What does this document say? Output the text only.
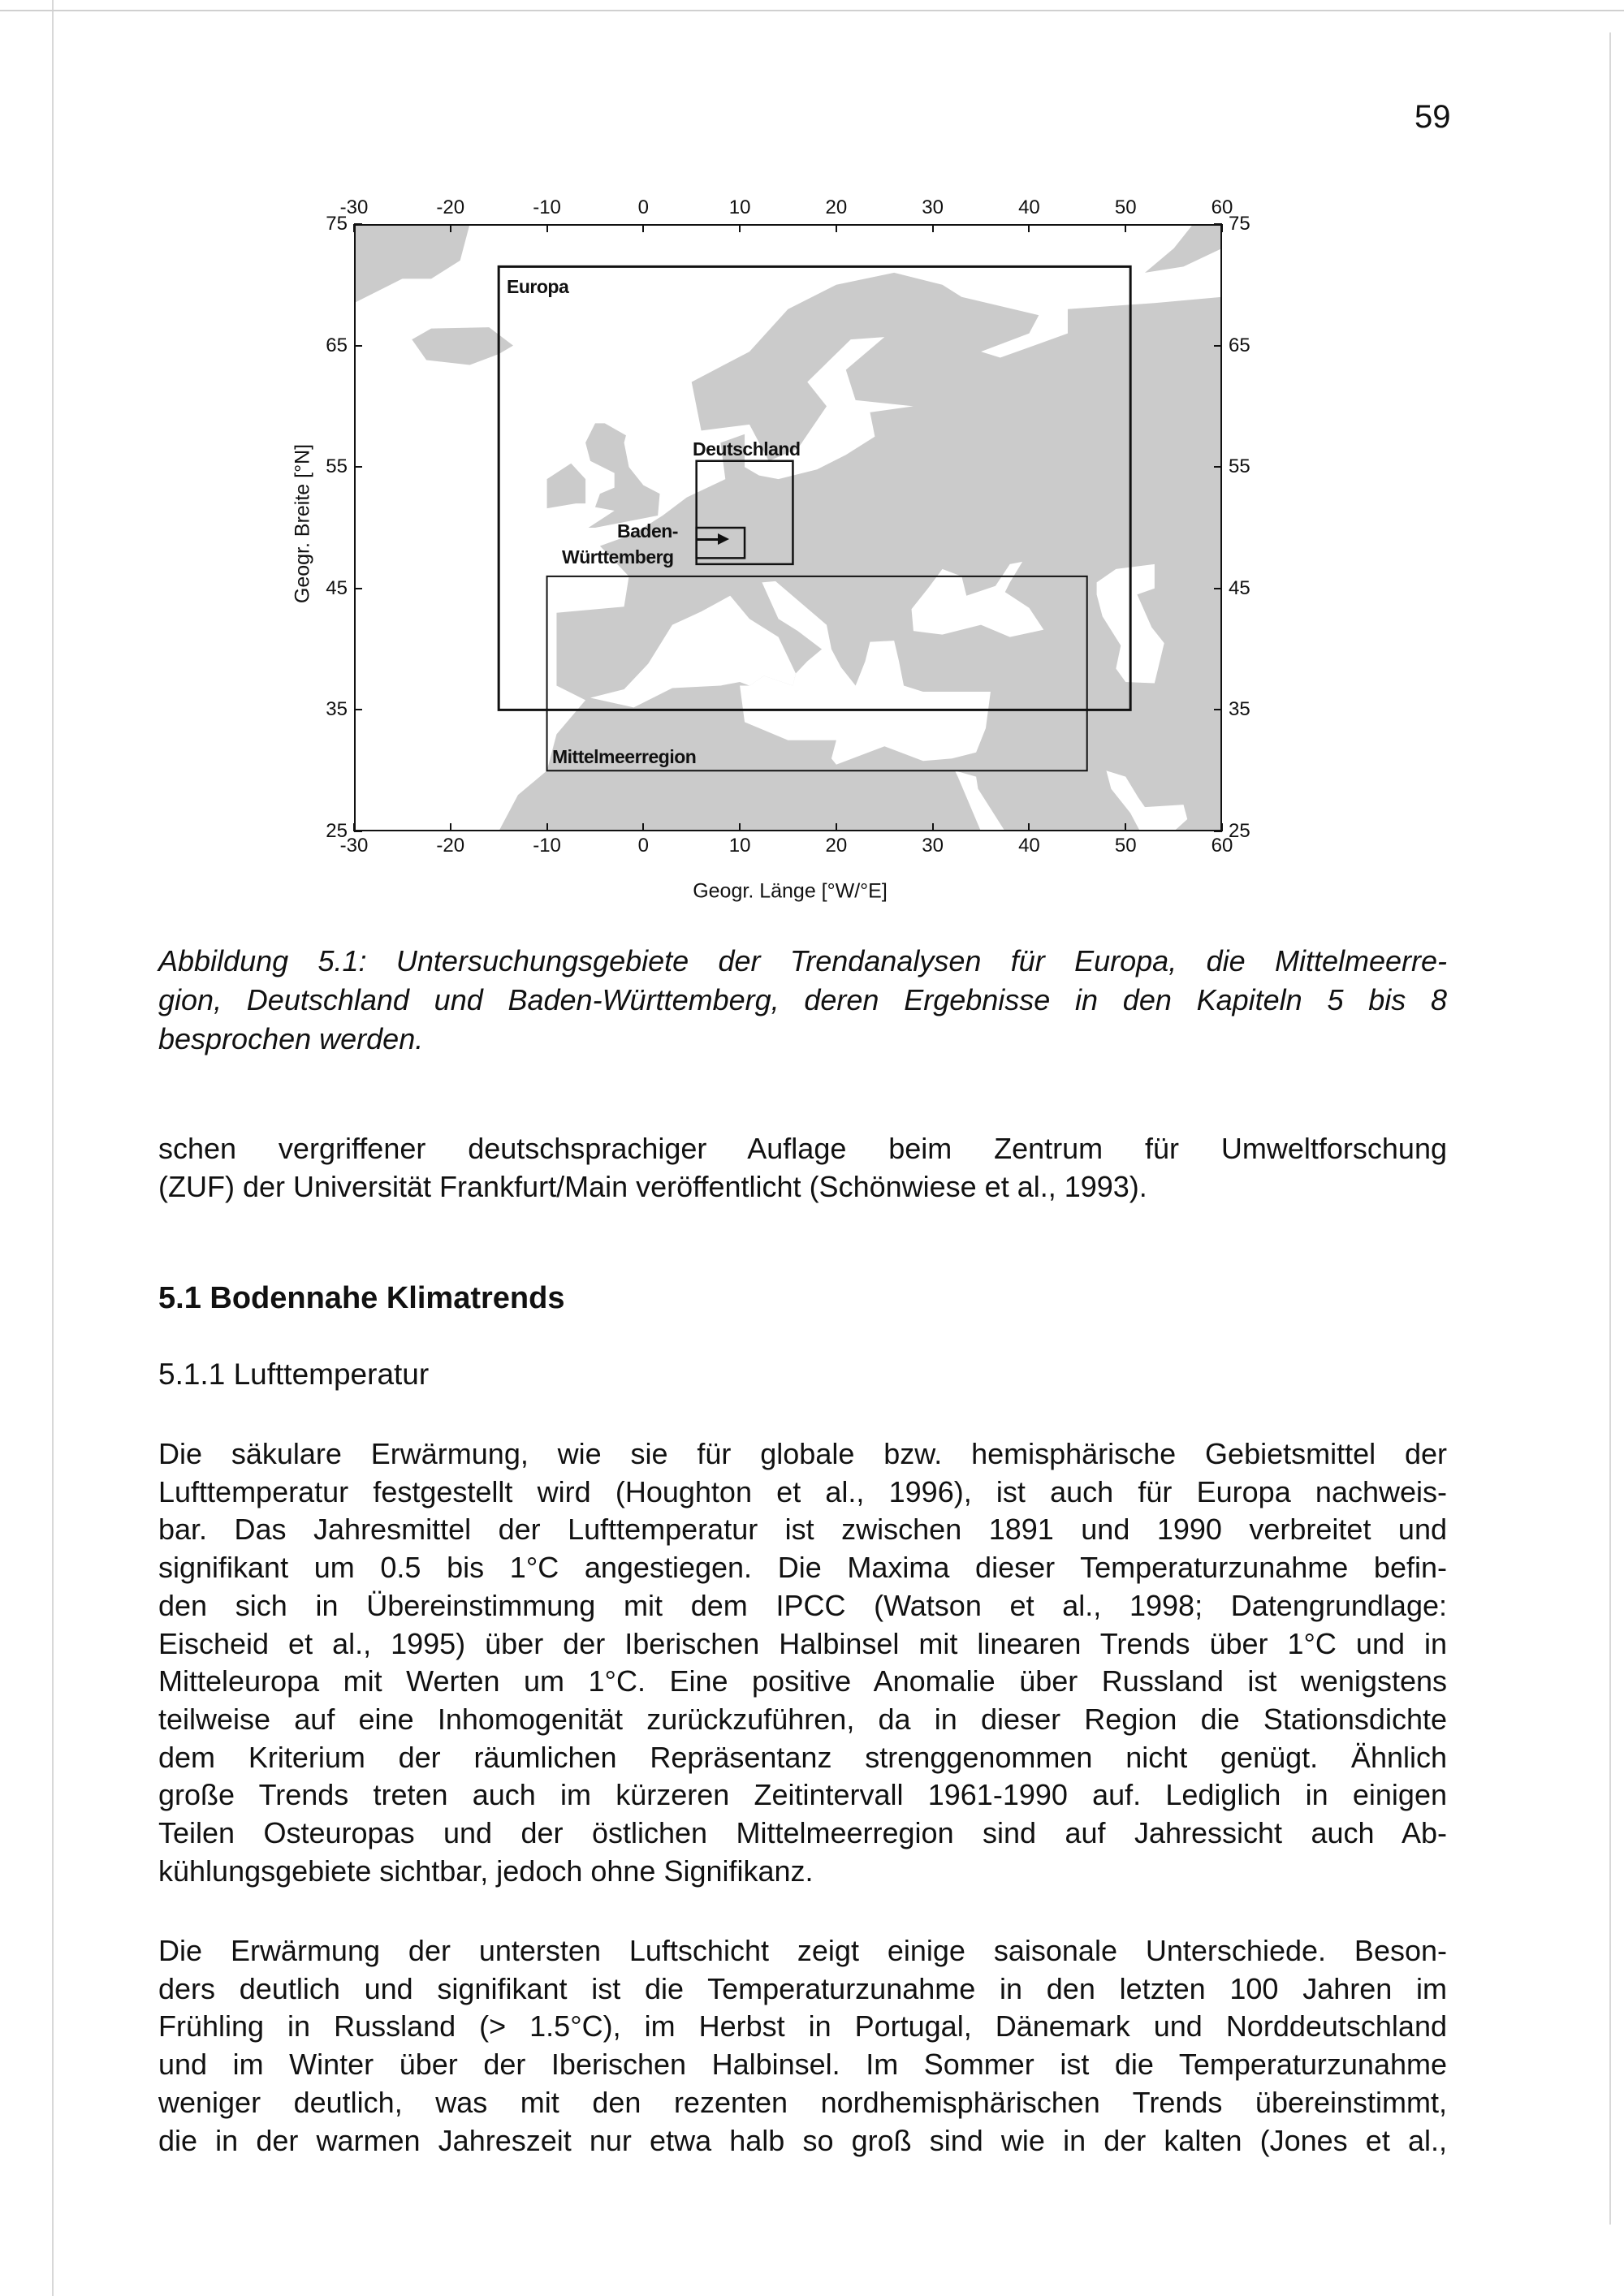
59
-30
-30
-20
-20
-10
-10
0
0
10
10
20
20
30
30
40
40
50
50
60
60
25	25
35	35
45	45
55	55
65	65
75	75
Geogr. Breite [°N]
Geogr. Länge [°W/°E]
Europa
Deutschland
Baden-
Württemberg
Mittelmeerregion
Abbildung 5.1: Untersuchungsgebiete der Trendanalysen für Europa, die Mittelmeerre-
gion, Deutschland und Baden-Württemberg, deren Ergebnisse in den Kapiteln 5 bis 8
besprochen werden.
schen vergriffener deutschsprachiger Auflage beim Zentrum für Umweltforschung
(ZUF) der Universität Frankfurt/Main veröffentlicht (Schönwiese et al., 1993).
5.1 Bodennahe Klimatrends
5.1.1 Lufttemperatur
Die säkulare Erwärmung, wie sie für globale bzw. hemisphärische Gebietsmittel der
Lufttemperatur festgestellt wird (Houghton et al., 1996), ist auch für Europa nachweis-
bar. Das Jahresmittel der Lufttemperatur ist zwischen 1891 und 1990 verbreitet und
signifikant um 0.5 bis 1°C angestiegen. Die Maxima dieser Temperaturzunahme befin-
den sich in Übereinstimmung mit dem IPCC (Watson et al., 1998; Datengrundlage:
Eischeid et al., 1995) über der Iberischen Halbinsel mit linearen Trends über 1°C und in
Mitteleuropa mit Werten um 1°C. Eine positive Anomalie über Russland ist wenigstens
teilweise auf eine Inhomogenität zurückzuführen, da in dieser Region die Stationsdichte
dem Kriterium der räumlichen Repräsentanz strenggenommen nicht genügt. Ähnlich
große Trends treten auch im kürzeren Zeitintervall 1961-1990 auf. Lediglich in einigen
Teilen Osteuropas und der östlichen Mittelmeerregion sind auf Jahressicht auch Ab-
kühlungsgebiete sichtbar, jedoch ohne Signifikanz.
Die Erwärmung der untersten Luftschicht zeigt einige saisonale Unterschiede. Beson-
ders deutlich und signifikant ist die Temperaturzunahme in den letzten 100 Jahren im
Frühling in Russland (> 1.5°C), im Herbst in Portugal, Dänemark und Norddeutschland
und im Winter über der Iberischen Halbinsel. Im Sommer ist die Temperaturzunahme
weniger deutlich, was mit den rezenten nordhemisphärischen Trends übereinstimmt,
die in der warmen Jahreszeit nur etwa halb so groß sind wie in der kalten (Jones et al.,
